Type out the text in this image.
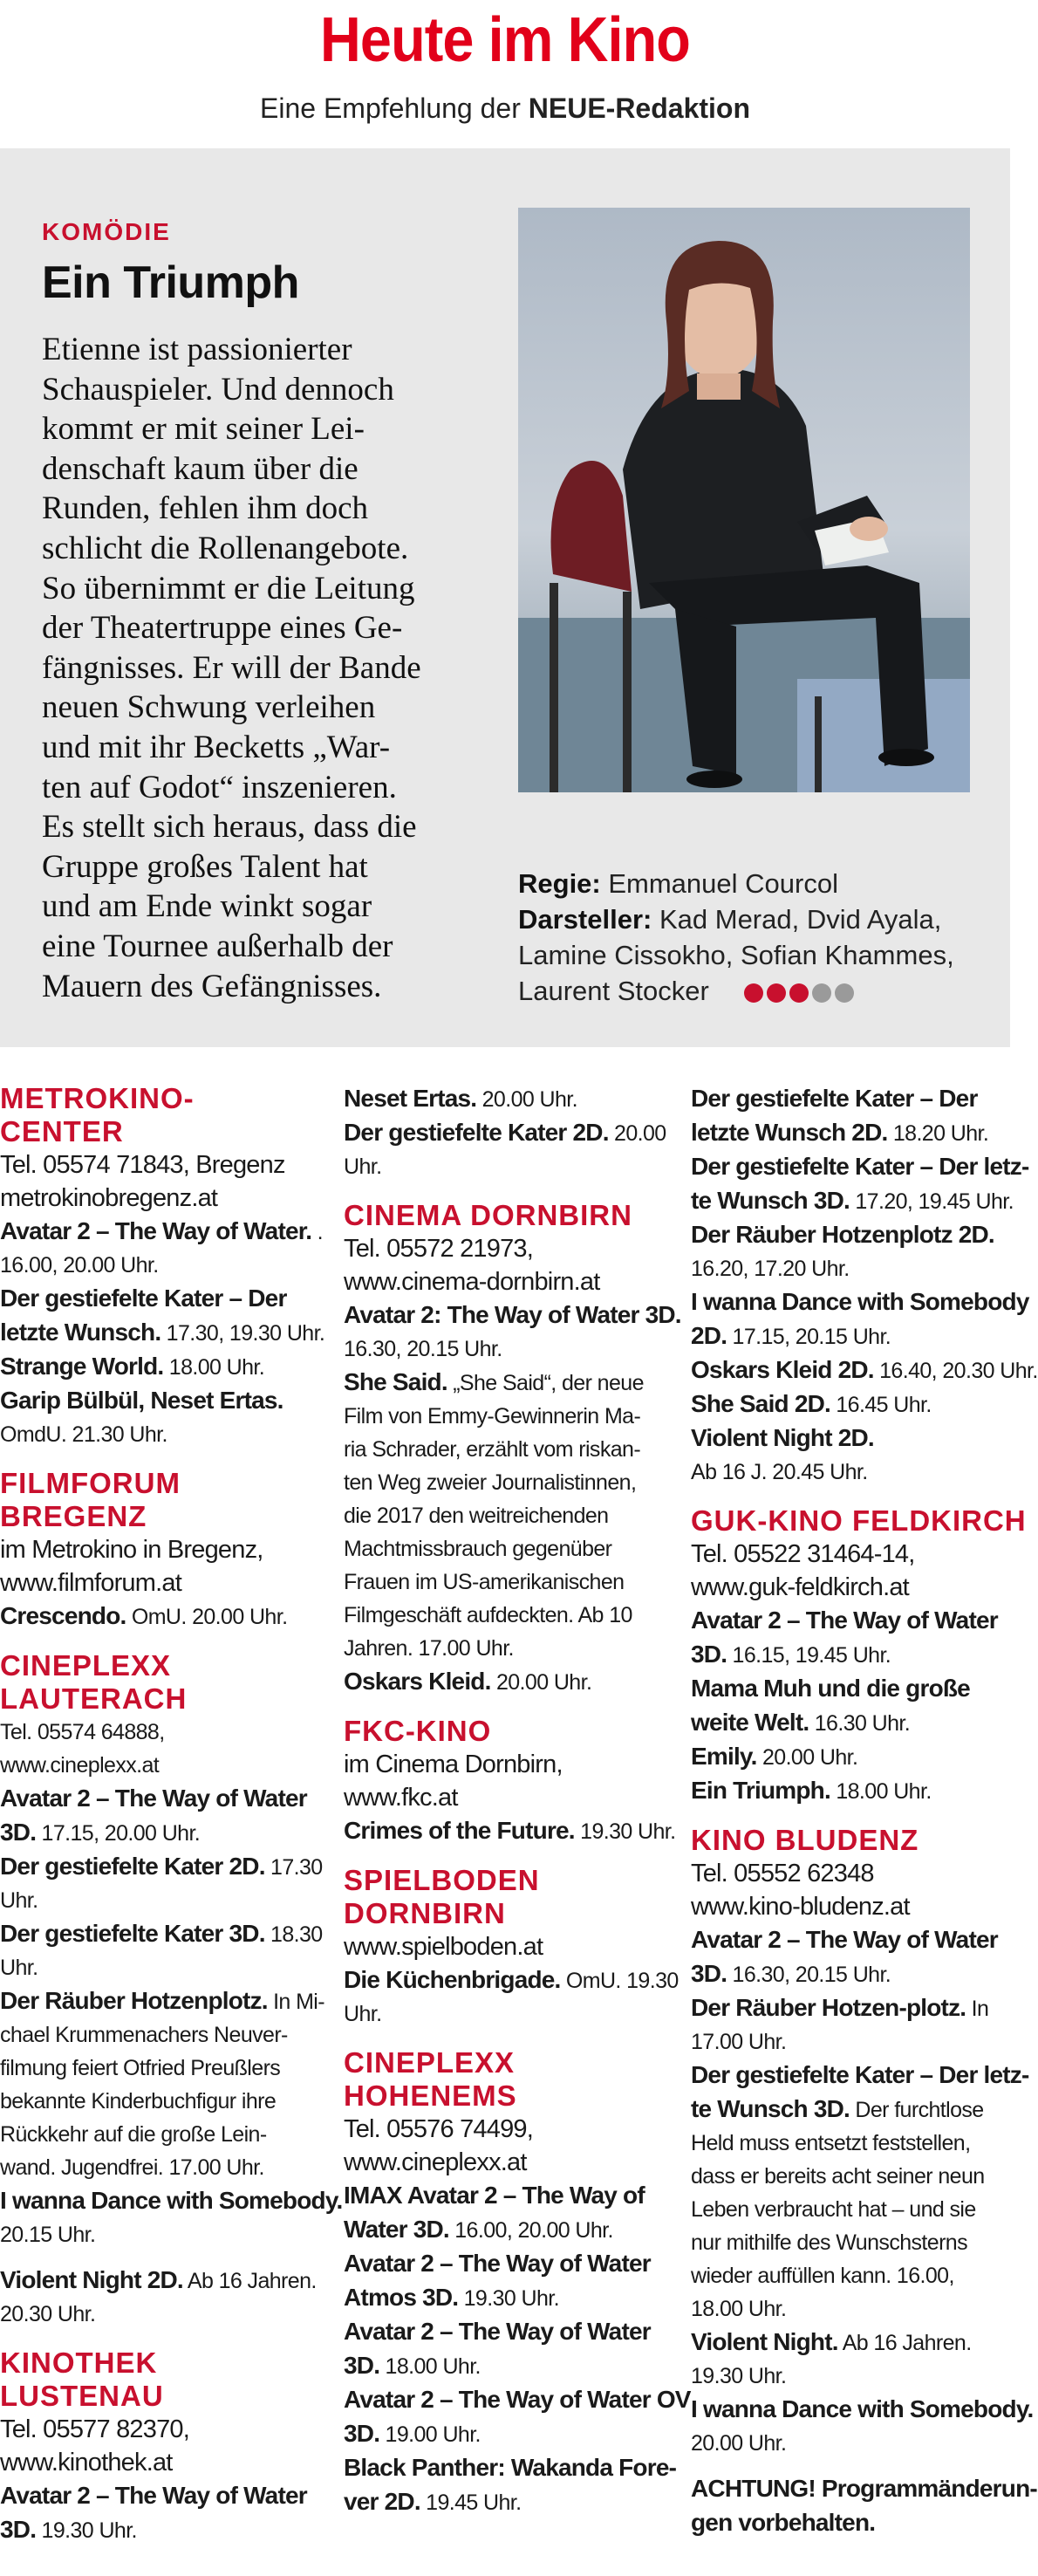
Heute im Kino
Eine Empfehlung der NEUE-Redaktion
KOMÖDIE
Ein Triumph
Etienne ist passionierter
Schauspieler. Und dennoch
kommt er mit seiner Lei-
denschaft kaum über die
Runden, fehlen ihm doch
schlicht die Rollenangebote.
So übernimmt er die Leitung
der Theatertruppe eines Ge-
fängnisses. Er will der Bande
neuen Schwung verleihen
und mit ihr Becketts „War-
ten auf Godot“ inszenieren.
Es stellt sich heraus, dass die
Gruppe großes Talent hat
und am Ende winkt sogar
eine Tournee außerhalb der
Mauern des Gefängnisses.
Regie: Emmanuel Courcol
Darsteller: Kad Merad, Dvid Ayala,
Lamine Cissokho, Sofian Khammes,
Laurent Stocker
METROKINO-
CENTER
Tel. 05574 71843, Bregenz
metrokinobregenz.at
Avatar 2 – The Way of Water. .
16.00, 20.00 Uhr.
Der gestiefelte Kater – Der
letzte Wunsch. 17.30, 19.30 Uhr.
Strange World. 18.00 Uhr.
Garip Bülbül, Neset Ertas.
OmdU. 21.30 Uhr.
FILMFORUM
BREGENZ
im Metrokino in Bregenz,
www.filmforum.at
Crescendo. OmU. 20.00 Uhr.
CINEPLEXX
LAUTERACH
Tel. 05574 64888,
www.cineplexx.at
Avatar 2 – The Way of Water
3D. 17.15, 20.00 Uhr.
Der gestiefelte Kater 2D. 17.30
Uhr.
Der gestiefelte Kater 3D. 18.30
Uhr.
Der Räuber Hotzenplotz. In Mi-
chael Krummenachers Neuver-
filmung feiert Otfried Preußlers
bekannte Kinderbuchfigur ihre
Rückkehr auf die große Lein-
wand. Jugendfrei. 17.00 Uhr.
I wanna Dance with Somebody.
20.15 Uhr.
Violent Night 2D. Ab 16 Jahren.
20.30 Uhr.
KINOTHEK
LUSTENAU
Tel. 05577 82370,
www.kinothek.at
Avatar 2 – The Way of Water
3D. 19.30 Uhr.
Neset Ertas. 20.00 Uhr.
Der gestiefelte Kater 2D. 20.00
Uhr.
CINEMA DORNBIRN
Tel. 05572 21973,
www.cinema-dornbirn.at
Avatar 2: The Way of Water 3D.
16.30, 20.15 Uhr.
She Said. „She Said“, der neue
Film von Emmy-Gewinnerin Ma-
ria Schrader, erzählt vom riskan-
ten Weg zweier Journalistinnen,
die 2017 den weitreichenden
Machtmissbrauch gegenüber
Frauen im US-amerikanischen
Filmgeschäft aufdeckten. Ab 10
Jahren. 17.00 Uhr.
Oskars Kleid. 20.00 Uhr.
FKC-KINO
im Cinema Dornbirn,
www.fkc.at
Crimes of the Future. 19.30 Uhr.
SPIELBODEN
DORNBIRN
www.spielboden.at
Die Küchenbrigade. OmU. 19.30
Uhr.
CINEPLEXX
HOHENEMS
Tel. 05576 74499,
www.cineplexx.at
IMAX Avatar 2 – The Way of
Water 3D. 16.00, 20.00 Uhr.
Avatar 2 – The Way of Water
Atmos 3D. 19.30 Uhr.
Avatar 2 – The Way of Water
3D. 18.00 Uhr.
Avatar 2 – The Way of Water OV
3D. 19.00 Uhr.
Black Panther: Wakanda Fore-
ver 2D. 19.45 Uhr.
Der gestiefelte Kater – Der
letzte Wunsch 2D. 18.20 Uhr.
Der gestiefelte Kater – Der letz-
te Wunsch 3D. 17.20, 19.45 Uhr.
Der Räuber Hotzenplotz 2D.
16.20, 17.20 Uhr.
I wanna Dance with Somebody
2D. 17.15, 20.15 Uhr.
Oskars Kleid 2D. 16.40, 20.30 Uhr.
She Said 2D. 16.45 Uhr.
Violent Night 2D.
Ab 16 J. 20.45 Uhr.
GUK-KINO FELDKIRCH
Tel. 05522 31464-14,
www.guk-feldkirch.at
Avatar 2 – The Way of Water
3D. 16.15, 19.45 Uhr.
Mama Muh und die große
weite Welt. 16.30 Uhr.
Emily. 20.00 Uhr.
Ein Triumph. 18.00 Uhr.
KINO BLUDENZ
Tel. 05552 62348
www.kino-bludenz.at
Avatar 2 – The Way of Water
3D. 16.30, 20.15 Uhr.
Der Räuber Hotzen-plotz. In
17.00 Uhr.
Der gestiefelte Kater – Der letz-
te Wunsch 3D. Der furchtlose
Held muss entsetzt feststellen,
dass er bereits acht seiner neun
Leben verbraucht hat – und sie
nur mithilfe des Wunschsterns
wieder auffüllen kann. 16.00,
18.00 Uhr.
Violent Night. Ab 16 Jahren.
19.30 Uhr.
I wanna Dance with Somebody.
20.00 Uhr.
ACHTUNG! Programmänderun-
gen vorbehalten.
